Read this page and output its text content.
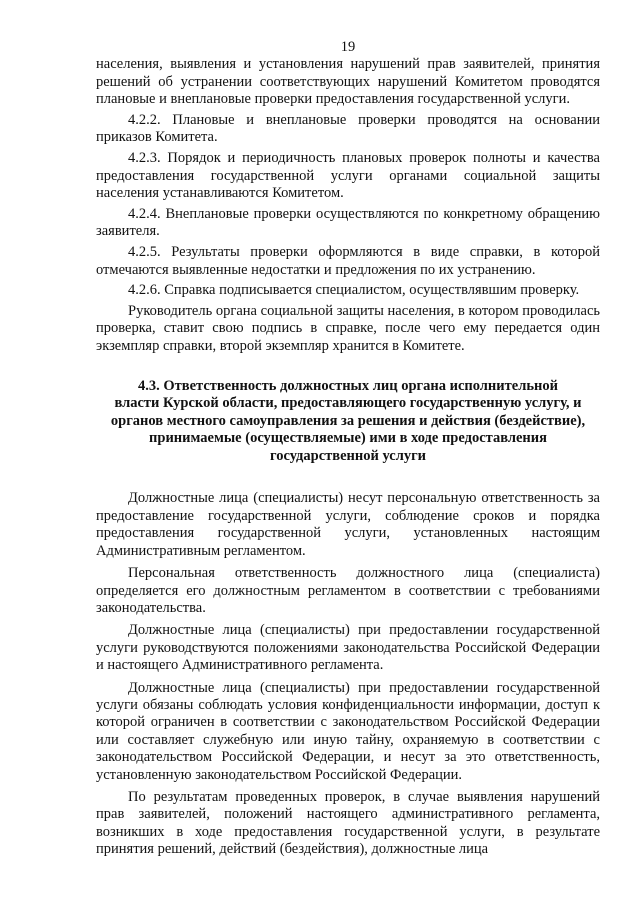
19

населения, выявления и установления нарушений прав заявителей, принятия решений об устранении соответствующих нарушений Комитетом проводятся плановые и внеплановые проверки предоставления государственной услуги.

4.2.2. Плановые и внеплановые проверки проводятся на основании приказов Комитета.

4.2.3. Порядок и периодичность плановых проверок полноты и качества предоставления государственной услуги органами социальной защиты населения устанавливаются Комитетом.

4.2.4. Внеплановые проверки осуществляются по конкретному обращению заявителя.

4.2.5. Результаты проверки оформляются в виде справки, в которой отмечаются выявленные недостатки и предложения по их устранению.

4.2.6. Справка подписывается специалистом, осуществлявшим проверку.

Руководитель органа социальной защиты населения, в котором проводилась проверка, ставит свою подпись в справке, после чего ему передается один экземпляр справки, второй экземпляр хранится в Комитете.

4.3. Ответственность должностных лиц органа исполнительной
власти Курской области, предоставляющего государственную услугу, и
органов местного самоуправления за решения и действия (бездействие),
принимаемые (осуществляемые) ими в ходе предоставления
государственной услуги

Должностные лица (специалисты) несут персональную ответственность за предоставление государственной услуги, соблюдение сроков и порядка предоставления государственной услуги, установленных настоящим Административным регламентом.

Персональная ответственность должностного лица (специалиста) определяется его должностным регламентом в соответствии с требованиями законодательства.

Должностные лица (специалисты) при предоставлении государственной услуги руководствуются положениями законодательства Российской Федерации и настоящего Административного регламента.

Должностные лица (специалисты) при предоставлении государственной услуги обязаны соблюдать условия конфиденциальности информации, доступ к которой ограничен в соответствии с законодательством Российской Федерации или составляет служебную или иную тайну, охраняемую в соответствии с законодательством Российской Федерации, и несут за это ответственность, установленную законодательством Российской Федерации.

По результатам проведенных проверок, в случае выявления нарушений прав заявителей, положений настоящего административного регламента, возникших в ходе предоставления государственной услуги, в результате принятия решений, действий (бездействия), должностные лица
